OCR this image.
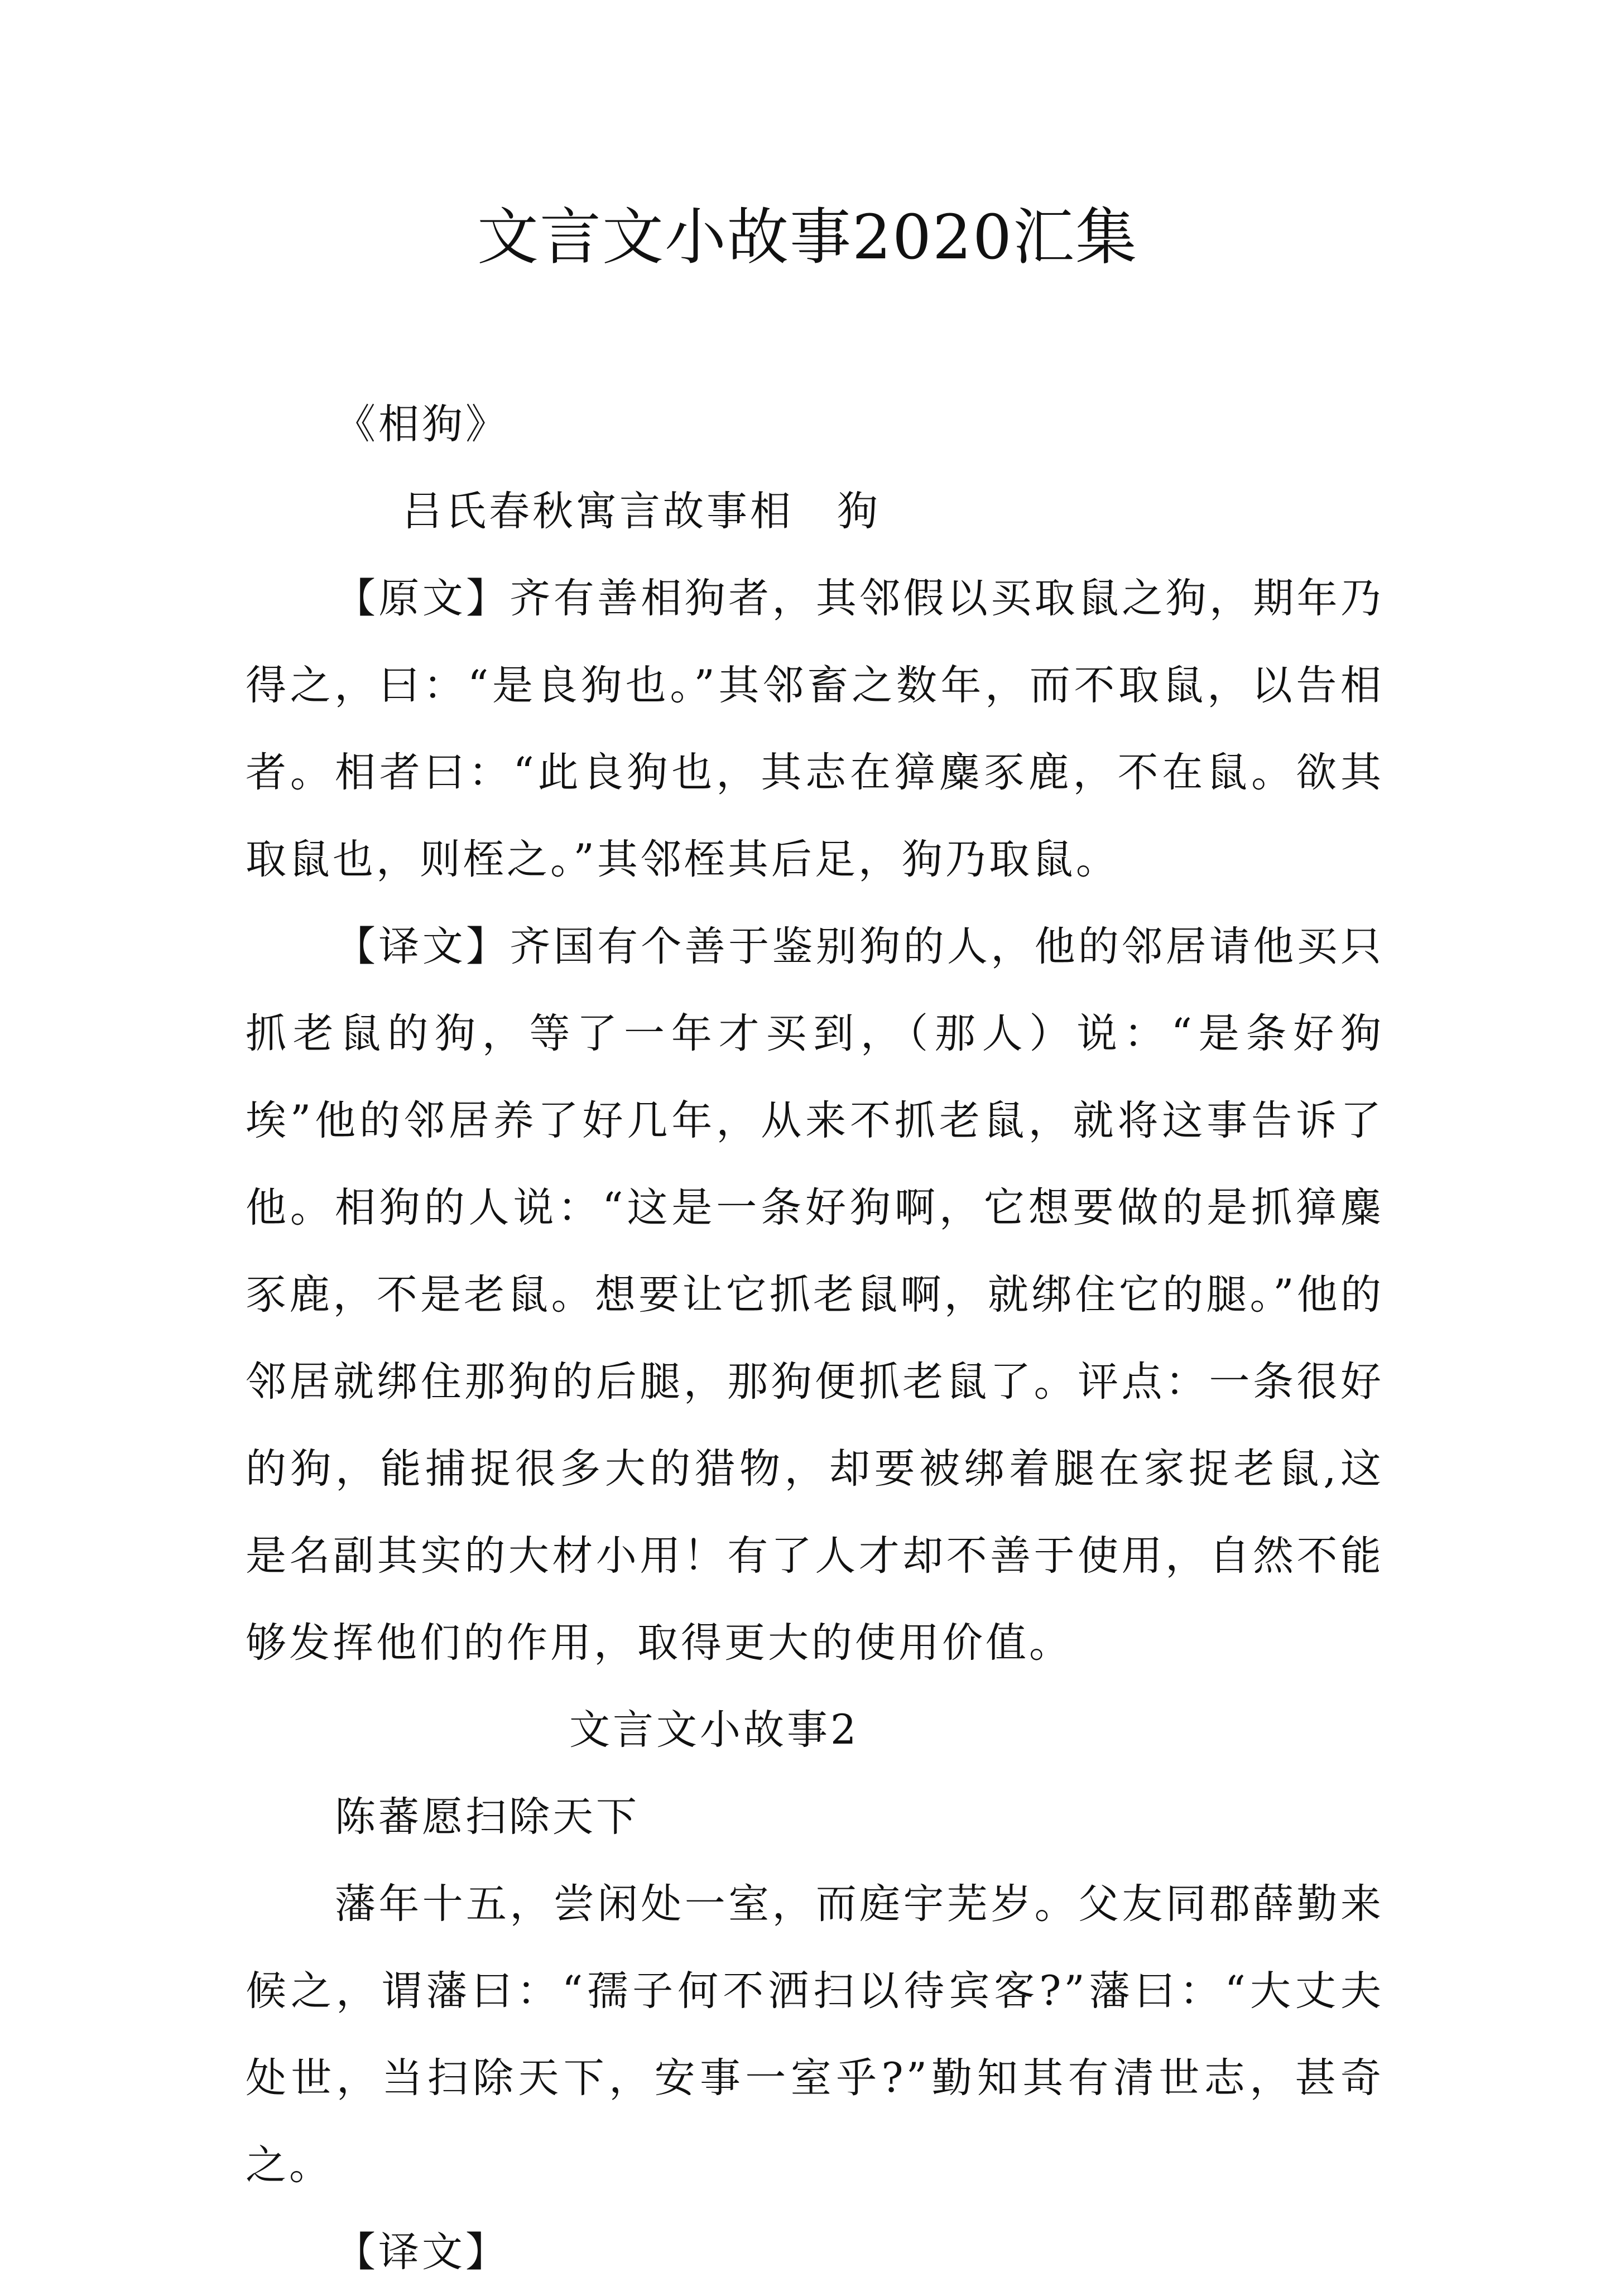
文言文小故事2020汇集

《相狗》

吕氏春秋寓言故事相　狗

【原文】齐有善相狗者，其邻假以买取鼠之狗，期年乃得之，曰：“是良狗也。”其邻畜之数年，而不取鼠，以告相者。相者曰：“此良狗也，其志在獐麋豕鹿，不在鼠。欲其取鼠也，则桎之。”其邻桎其后足，狗乃取鼠。

【译文】齐国有个善于鉴别狗的人，他的邻居请他买只抓老鼠的狗，等了一年才买到，（那人）说：“是条好狗埃”他的邻居养了好几年，从来不抓老鼠，就将这事告诉了他。相狗的人说：“这是一条好狗啊，它想要做的是抓獐麋豕鹿，不是老鼠。想要让它抓老鼠啊，就绑住它的腿。”他的邻居就绑住那狗的后腿，那狗便抓老鼠了。评点：一条很好的狗，能捕捉很多大的猎物，却要被绑着腿在家捉老鼠,这是名副其实的大材小用！有了人才却不善于使用，自然不能够发挥他们的作用，取得更大的使用价值。

文言文小故事2

陈蕃愿扫除天下

藩年十五，尝闲处一室，而庭宇芜岁。父友同郡薛勤来候之，谓藩曰：“孺子何不洒扫以待宾客?”藩曰：“大丈夫处世，当扫除天下，安事一室乎?”勤知其有清世志，甚奇之。

【译文】
